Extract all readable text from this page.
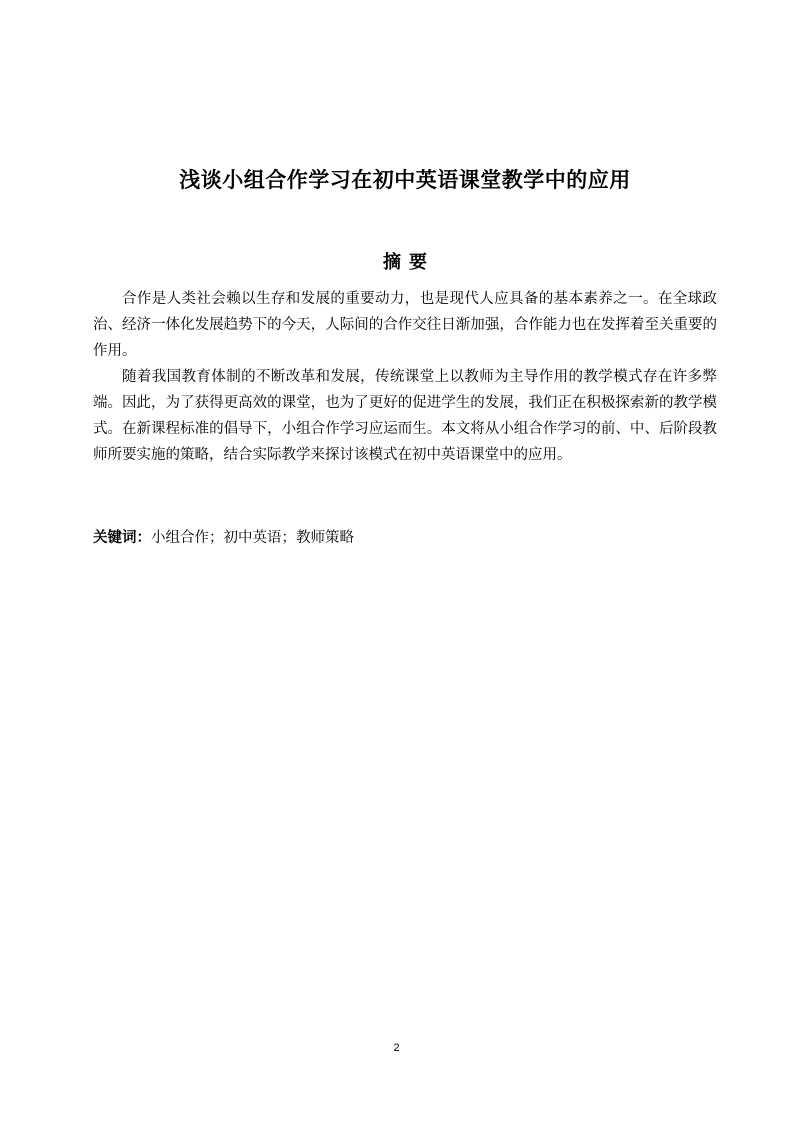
浅谈小组合作学习在初中英语课堂教学中的应用
摘要

合作是人类社会赖以生存和发展的重要动力，也是现代人应具备的基本素养之一。在全球政治、经济一体化发展趋势下的今天，人际间的合作交往日渐加强，合作能力也在发挥着至关重要的作用。

随着我国教育体制的不断改革和发展，传统课堂上以教师为主导作用的教学模式存在许多弊端。因此，为了获得更高效的课堂，也为了更好的促进学生的发展，我们正在积极探索新的教学模式。在新课程标准的倡导下，小组合作学习应运而生。本文将从小组合作学习的前、中、后阶段教师所要实施的策略，结合实际教学来探讨该模式在初中英语课堂中的应用。

关键词：小组合作；初中英语；教师策略
2
